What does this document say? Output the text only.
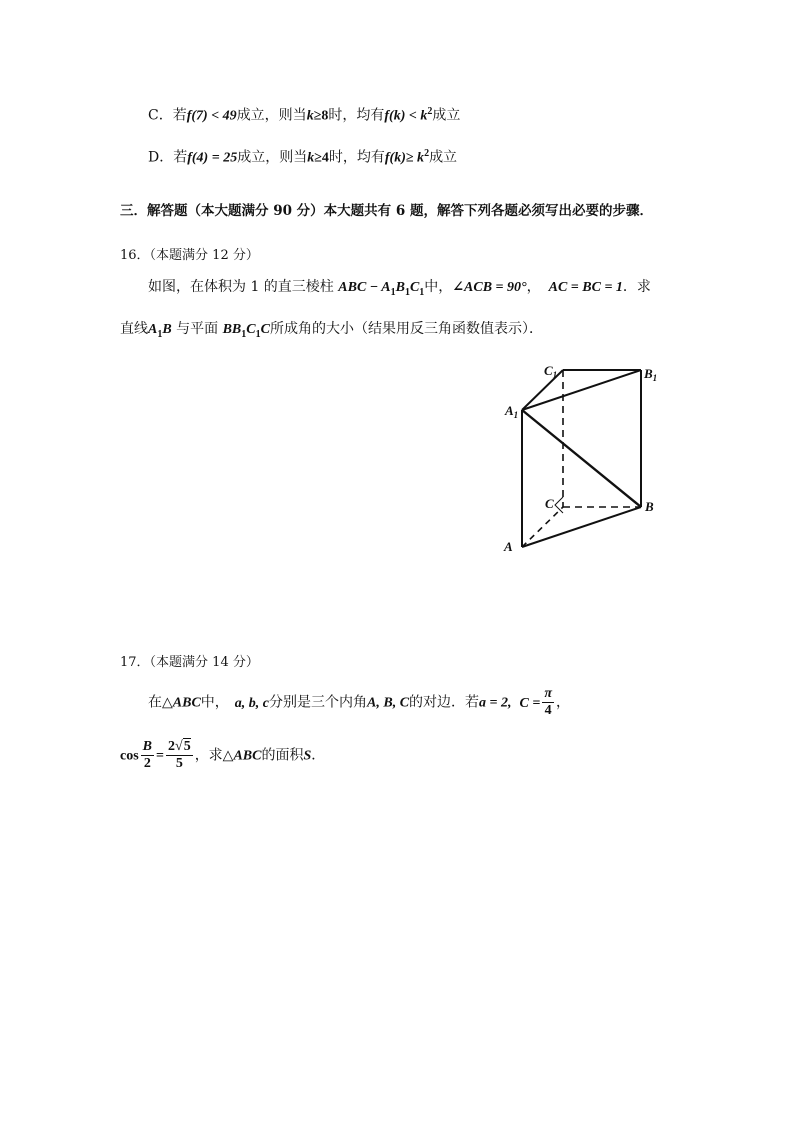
C．若f(7) < 49成立，则当k≥8时，均有$f(k) < k^2$成立
D．若f(4) = 25成立，则当k≥4时，均有$f(k)\ge k^2$成立
三．解答题（本大题满分 90 分）本大题共有 6 题，解答下列各题必须写出必要的步骤．
16．（本题满分 12 分）
如图，在体积为 1 的直三棱柱 ABC − $A_1B_1C_1$中，∠ACB = 90°， AC = BC = 1．求
直线$A_1B$ 与平面 $BB_1C_1C$所成角的大小（结果用反三角函数值表示）．
$C_1$	$B_1$
$A_1$
C	B
A
17．（本题满分 14 分）
在△ABC中， a, b, c分别是三个内角A, B, C的对边．若a = 2, $C = \frac{\pi}{4}$ ，
$\cos \frac{B}{2} = \frac{2√5}{5}$ ，求△ABC的面积S．
